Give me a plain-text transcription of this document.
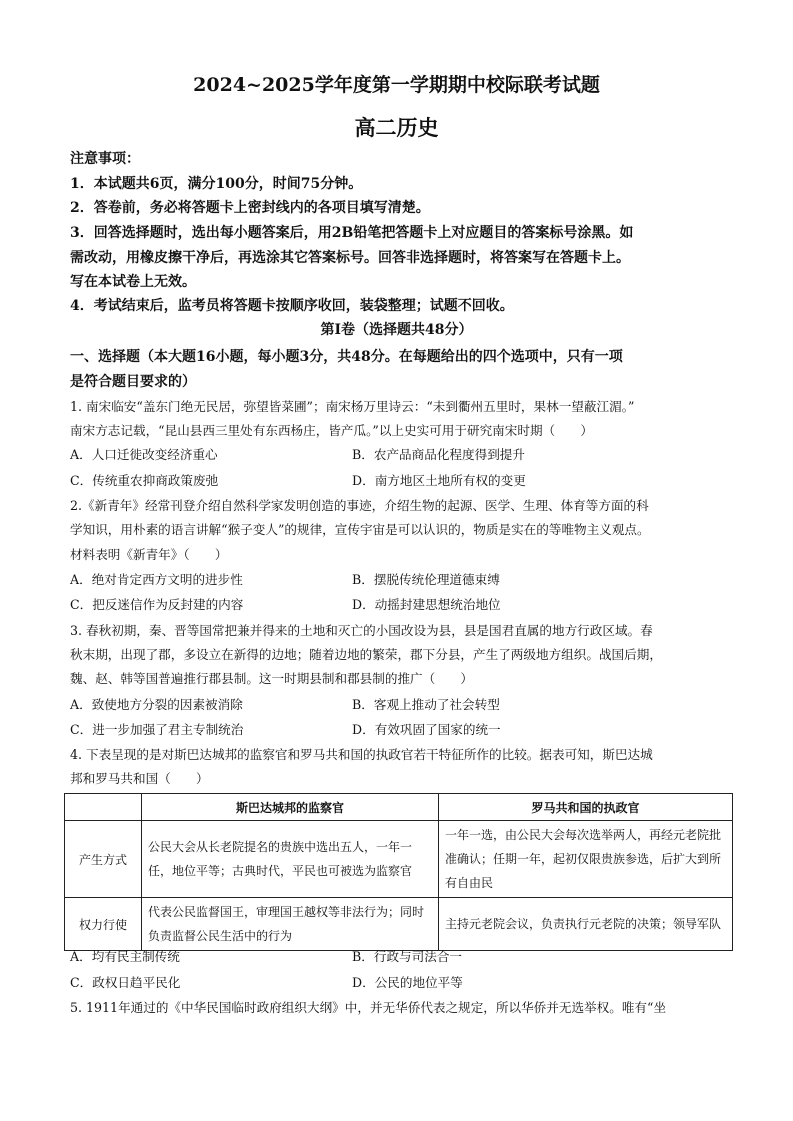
2024~2025学年度第一学期期中校际联考试题
高二历史
注意事项：
1．本试题共6页，满分100分，时间75分钟。
2．答卷前，务必将答题卡上密封线内的各项目填写清楚。
3．回答选择题时，选出每小题答案后，用2B铅笔把答题卡上对应题目的答案标号涂黑。如
需改动，用橡皮擦干净后，再选涂其它答案标号。回答非选择题时，将答案写在答题卡上。
写在本试卷上无效。
4．考试结束后，监考员将答题卡按顺序收回，装袋整理；试题不回收。
第Ⅰ卷（选择题共48分）
一、选择题（本大题16小题，每小题3分，共48分。在每题给出的四个选项中，只有一项
是符合题目要求的）
1. 南宋临安“盖东门绝无民居，弥望皆菜圃”；南宋杨万里诗云：“未到衢州五里时，果林一望蔽江湄。”
南宋方志记载，“昆山县西三里处有东西杨庄，皆产瓜。”以上史实可用于研究南宋时期（　　）
A．人口迁徙改变经济重心	B．农产品商品化程度得到提升
C．传统重农抑商政策废弛	D．南方地区土地所有权的变更
2.《新青年》经常刊登介绍自然科学家发明创造的事迹，介绍生物的起源、医学、生理、体育等方面的科
学知识，用朴素的语言讲解“猴子变人”的规律，宣传宇宙是可以认识的，物质是实在的等唯物主义观点。
材料表明《新青年》（　　）
A．绝对肯定西方文明的进步性	B．摆脱传统伦理道德束缚
C．把反迷信作为反封建的内容	D．动摇封建思想统治地位
3. 春秋初期，秦、晋等国常把兼并得来的土地和灭亡的小国改设为县，县是国君直属的地方行政区域。春
秋末期，出现了郡，多设立在新得的边地；随着边地的繁荣，郡下分县，产生了两级地方组织。战国后期，
魏、赵、韩等国普遍推行郡县制。这一时期县制和郡县制的推广（　　）
A．致使地方分裂的因素被消除	B．客观上推动了社会转型
C．进一步加强了君主专制统治	D．有效巩固了国家的统一
4. 下表呈现的是对斯巴达城邦的监察官和罗马共和国的执政官若干特征所作的比较。据表可知，斯巴达城
邦和罗马共和国（　　）
	斯巴达城邦的监察官	罗马共和国的执政官
产生方式	公民大会从长老院提名的贵族中选出五人，一年一任，地位平等；古典时代，平民也可被选为监察官	一年一选，由公民大会每次选举两人，再经元老院批准确认；任期一年，起初仅限贵族参选，后扩大到所有自由民
权力行使	代表公民监督国王，审理国王越权等非法行为；同时负责监督公民生活中的行为	主持元老院会议，负责执行元老院的决策；领导军队
A．均有民主制传统	B．行政与司法合一
C．政权日趋平民化	D．公民的地位平等
5. 1911年通过的《中华民国临时政府组织大纲》中，并无华侨代表之规定，所以华侨并无选举权。唯有“坐
